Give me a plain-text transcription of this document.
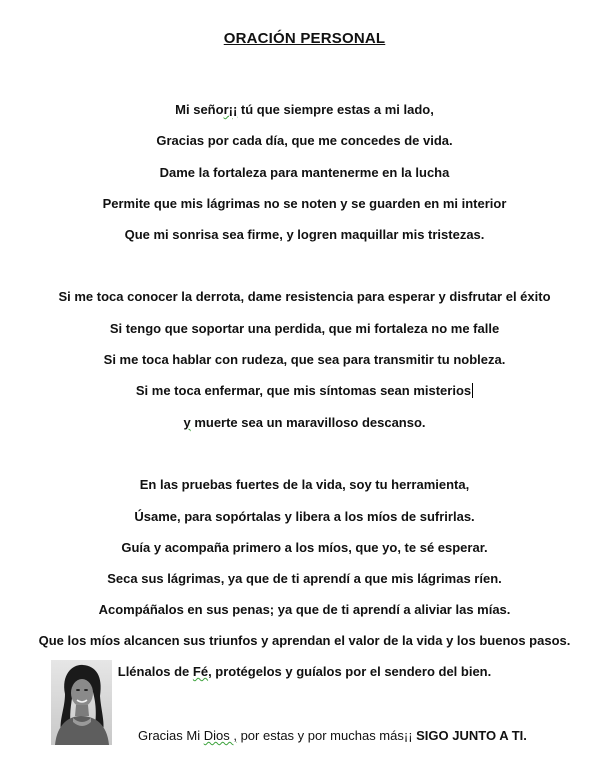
ORACIÓN PERSONAL
Mi señor¡¡ tú que siempre estas a mi lado,
Gracias por cada día, que me concedes de vida.
Dame la fortaleza para mantenerme en la lucha
Permite que mis lágrimas no se noten y se guarden en mi interior
Que mi sonrisa sea firme, y logren maquillar mis tristezas.
Si me toca conocer la derrota, dame resistencia para esperar y disfrutar el éxito
Si tengo que soportar una perdida, que mi fortaleza no me falle
Si me toca hablar con rudeza, que sea para transmitir tu nobleza.
Si me toca enfermar, que mis síntomas sean misterios
y muerte sea un maravilloso descanso.
En las pruebas fuertes de la vida, soy tu herramienta,
Úsame, para sopórtalas y libera a los míos de sufrirlas.
Guía y acompaña primero a los míos, que yo, te sé esperar.
Seca sus lágrimas, ya que de ti aprendí a que mis lágrimas ríen.
Acompáñalos en sus penas; ya que de ti aprendí a aliviar las mías.
Que los míos alcancen sus triunfos y aprendan el valor de la vida y los buenos pasos.
Llénalos de Fé, protégelos y guíalos por el sendero del bien.
Gracias Mi Dios , por estas y por muchas más¡¡ SIGO JUNTO A TI.
